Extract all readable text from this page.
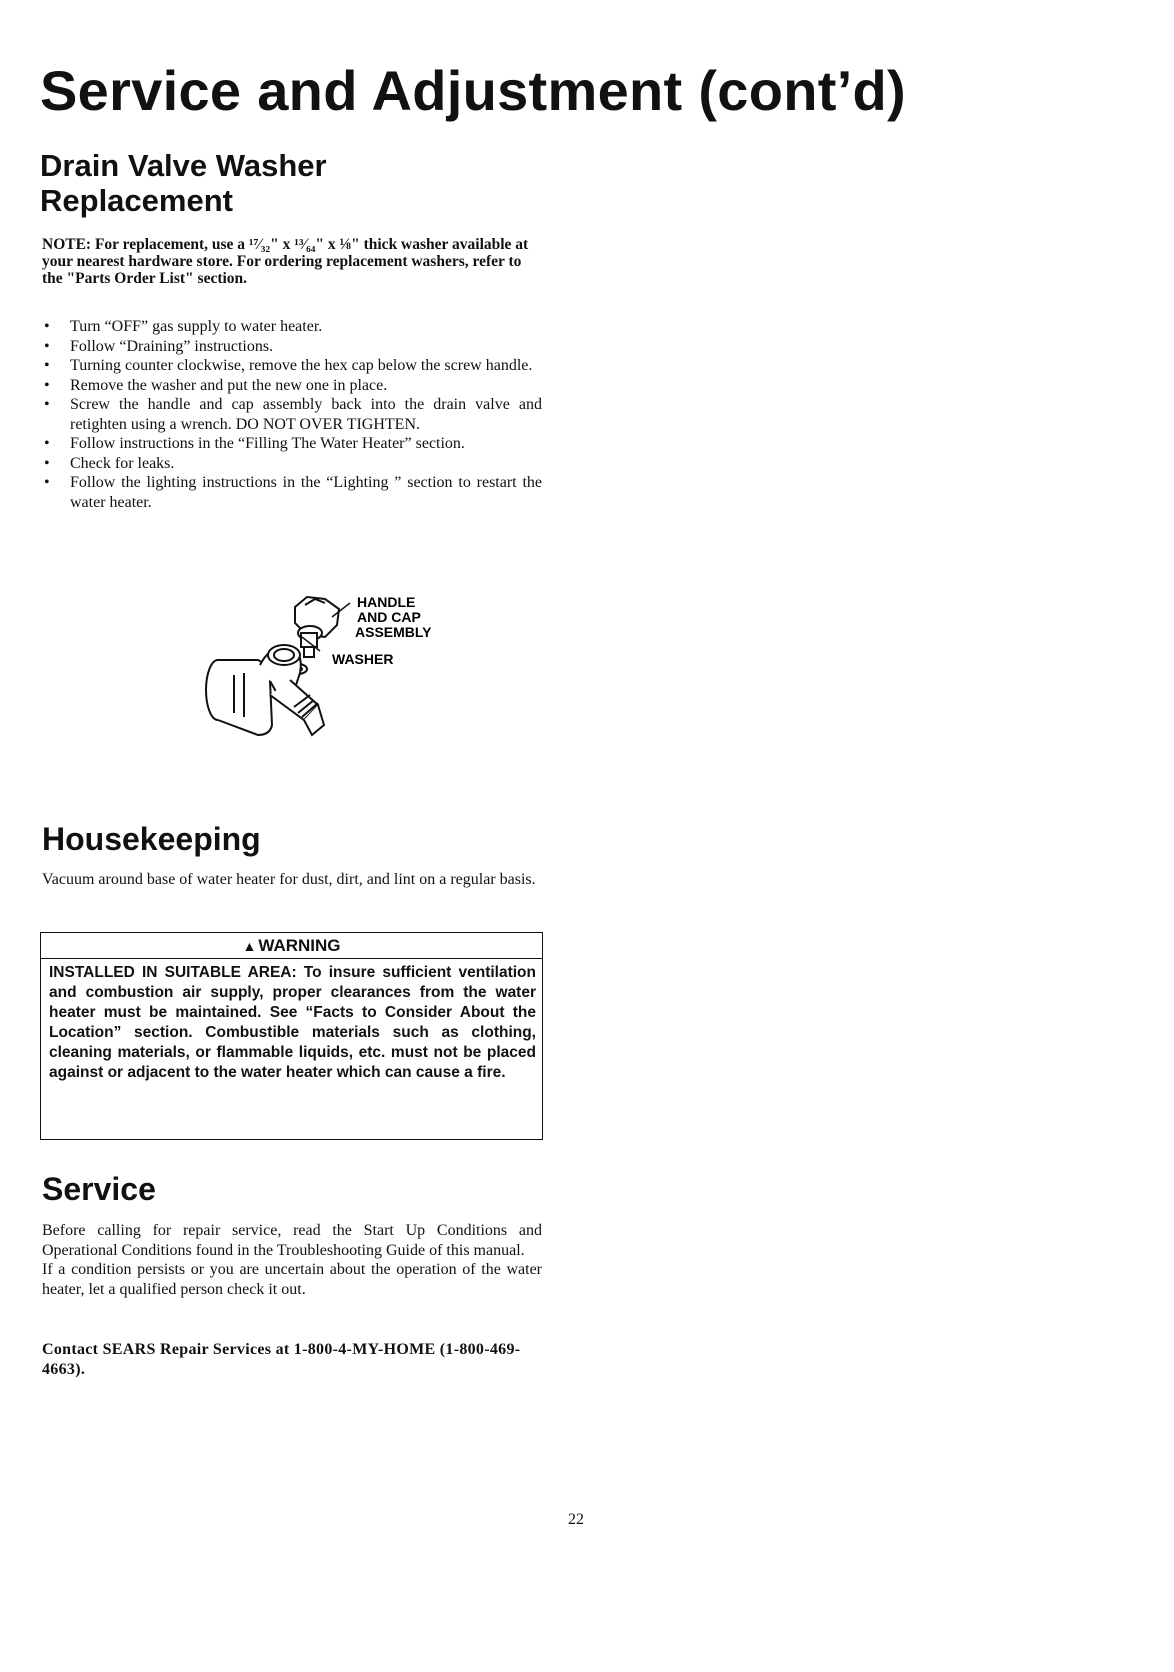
Service and Adjustment (cont’d)
Drain Valve Washer Replacement

NOTE: For replacement, use a ¹⁷⁄₃₂" x ¹³⁄₆₄" x ⅛" thick washer available at your nearest hardware store. For ordering replacement washers, refer to the "Parts Order List" section.

• Turn “OFF” gas supply to water heater.
• Follow “Draining” instructions.
• Turning counter clockwise, remove the hex cap below the screw handle.
• Remove the washer and put the new one in place.
• Screw the handle and cap assembly back into the drain valve and retighten using a wrench. DO NOT OVER TIGHTEN.
• Follow instructions in the “Filling The Water Heater” section.
• Check for leaks.
• Follow the lighting instructions in the “Lighting ” section to restart the water heater.
HANDLE
AND CAP
ASSEMBLY
WASHER
Housekeeping

Vacuum around base of water heater for dust, dirt, and lint on a regular basis.

▲ WARNING

INSTALLED IN SUITABLE AREA: To insure sufficient ventilation and combustion air supply, proper clearances from the water heater must be maintained. See “Facts to Consider About the Location” section. Combustible materials such as clothing, cleaning materials, or flammable liquids, etc. must not be placed against or adjacent to the water heater which can cause a fire.

Service

Before calling for repair service, read the Start Up Conditions and Operational Conditions found in the Troubleshooting Guide of this manual.

If a condition persists or you are uncertain about the operation of the water heater, let a qualified person check it out.

Contact SEARS Repair Services at 1-800-4-MY-HOME (1-800-469-4663).

22
